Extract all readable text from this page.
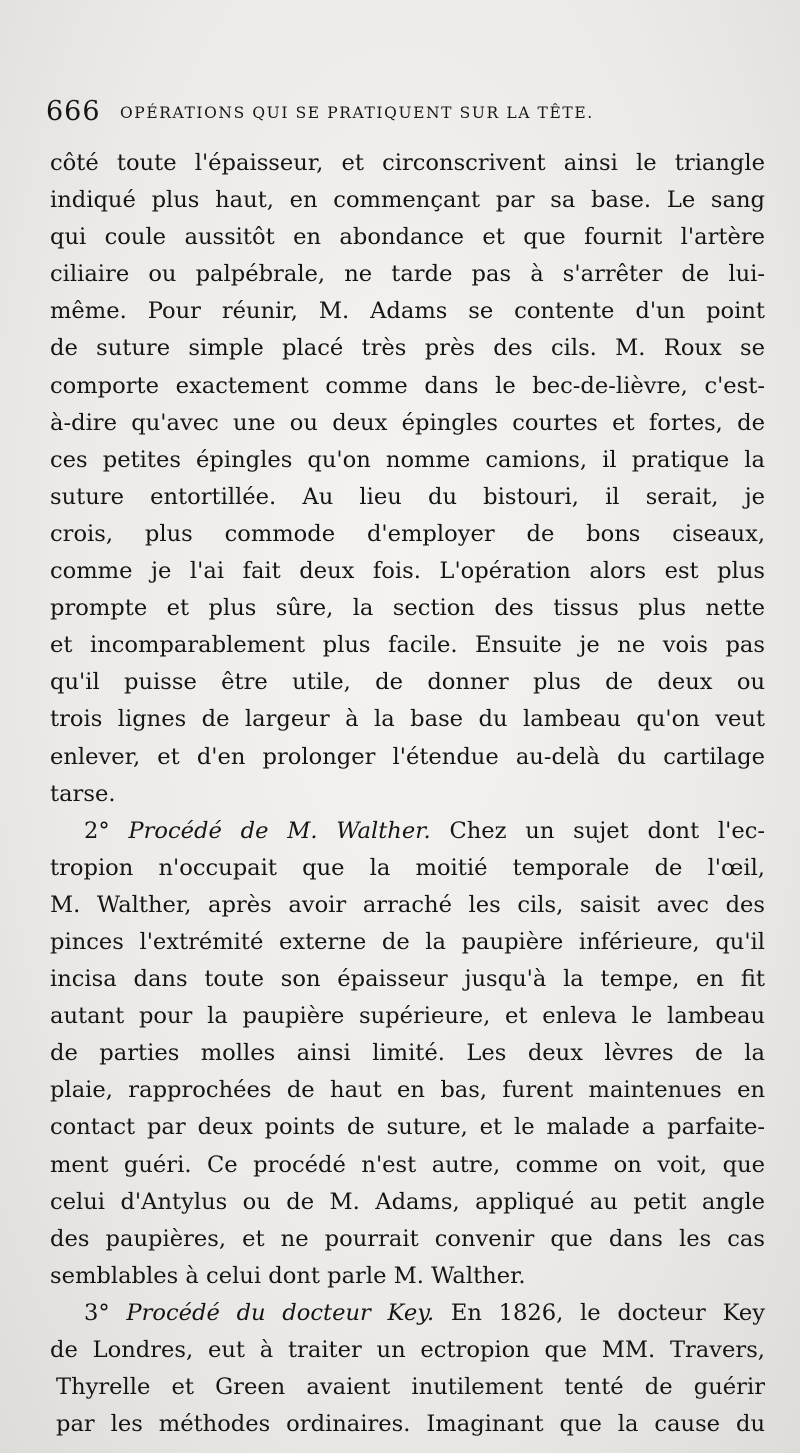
666 OPÉRATIONS QUI SE PRATIQUENT SUR LA TÊTE.
côté toute l'épaisseur, et circonscrivent ainsi le triangle
indiqué plus haut, en commençant par sa base. Le sang
qui coule aussitôt en abondance et que fournit l'artère
ciliaire ou palpébrale, ne tarde pas à s'arrêter de lui-
même. Pour réunir, M. Adams se contente d'un point
de suture simple placé très près des cils. M. Roux se
comporte exactement comme dans le bec-de-lièvre, c'est-
à-dire qu'avec une ou deux épingles courtes et fortes, de
ces petites épingles qu'on nomme camions, il pratique la
suture entortillée. Au lieu du bistouri, il serait, je
crois, plus commode d'employer de bons ciseaux,
comme je l'ai fait deux fois. L'opération alors est plus
prompte et plus sûre, la section des tissus plus nette
et incomparablement plus facile. Ensuite je ne vois pas
qu'il puisse être utile, de donner plus de deux ou
trois lignes de largeur à la base du lambeau qu'on veut
enlever, et d'en prolonger l'étendue au-delà du cartilage
tarse.
2° Procédé de M. Walther. Chez un sujet dont l'ec-
tropion n'occupait que la moitié temporale de l'œil,
M. Walther, après avoir arraché les cils, saisit avec des
pinces l'extrémité externe de la paupière inférieure, qu'il
incisa dans toute son épaisseur jusqu'à la tempe, en fit
autant pour la paupière supérieure, et enleva le lambeau
de parties molles ainsi limité. Les deux lèvres de la
plaie, rapprochées de haut en bas, furent maintenues en
contact par deux points de suture, et le malade a parfaite-
ment guéri. Ce procédé n'est autre, comme on voit, que
celui d'Antylus ou de M. Adams, appliqué au petit angle
des paupières, et ne pourrait convenir que dans les cas
semblables à celui dont parle M. Walther.
3° Procédé du docteur Key. En 1826, le docteur Key
de Londres, eut à traiter un ectropion que MM. Travers,
Thyrelle et Green avaient inutilement tenté de guérir
par les méthodes ordinaires. Imaginant que la cause du
